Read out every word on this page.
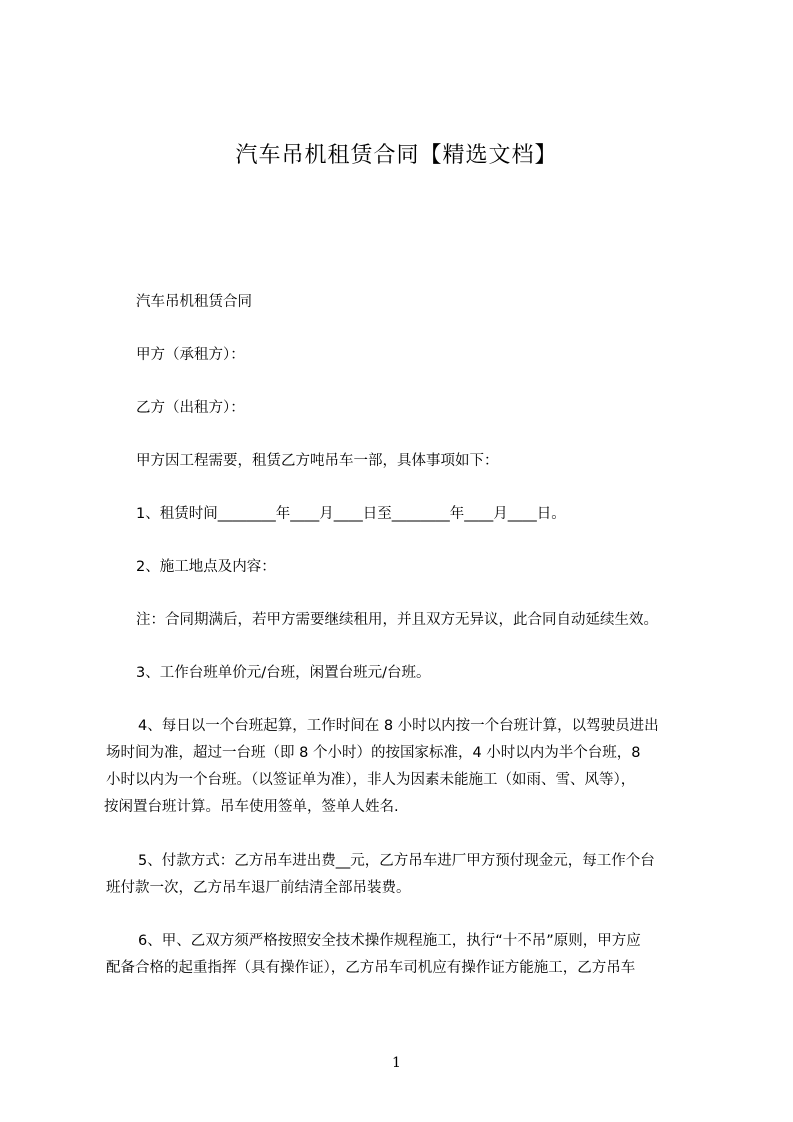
汽车吊机租赁合同【精选文档】
汽车吊机租赁合同
甲方（承租方）：
乙方（出租方）：
甲方因工程需要，租赁乙方吨吊车一部，具体事项如下：
1、租赁时间________年____月____日至________年____月____日。
2、施工地点及内容：
注：合同期满后，若甲方需要继续租用，并且双方无异议，此合同自动延续生效。
3、工作台班单价元/台班，闲置台班元/台班。
4、每日以一个台班起算，工作时间在 8 小时以内按一个台班计算，以驾驶员进出
场时间为准，超过一台班（即 8 个小时）的按国家标准，4 小时以内为半个台班，8
小时以内为一个台班。（以签证单为准），非人为因素未能施工（如雨、雪、风等），
按闲置台班计算。吊车使用签单，签单人姓名.
5、付款方式：乙方吊车进出费__元，乙方吊车进厂甲方预付现金元，每工作个台
班付款一次，乙方吊车退厂前结清全部吊装费。
6、甲、乙双方须严格按照安全技术操作规程施工，执行“十不吊”原则，甲方应
配备合格的起重指挥（具有操作证），乙方吊车司机应有操作证方能施工，乙方吊车
1
